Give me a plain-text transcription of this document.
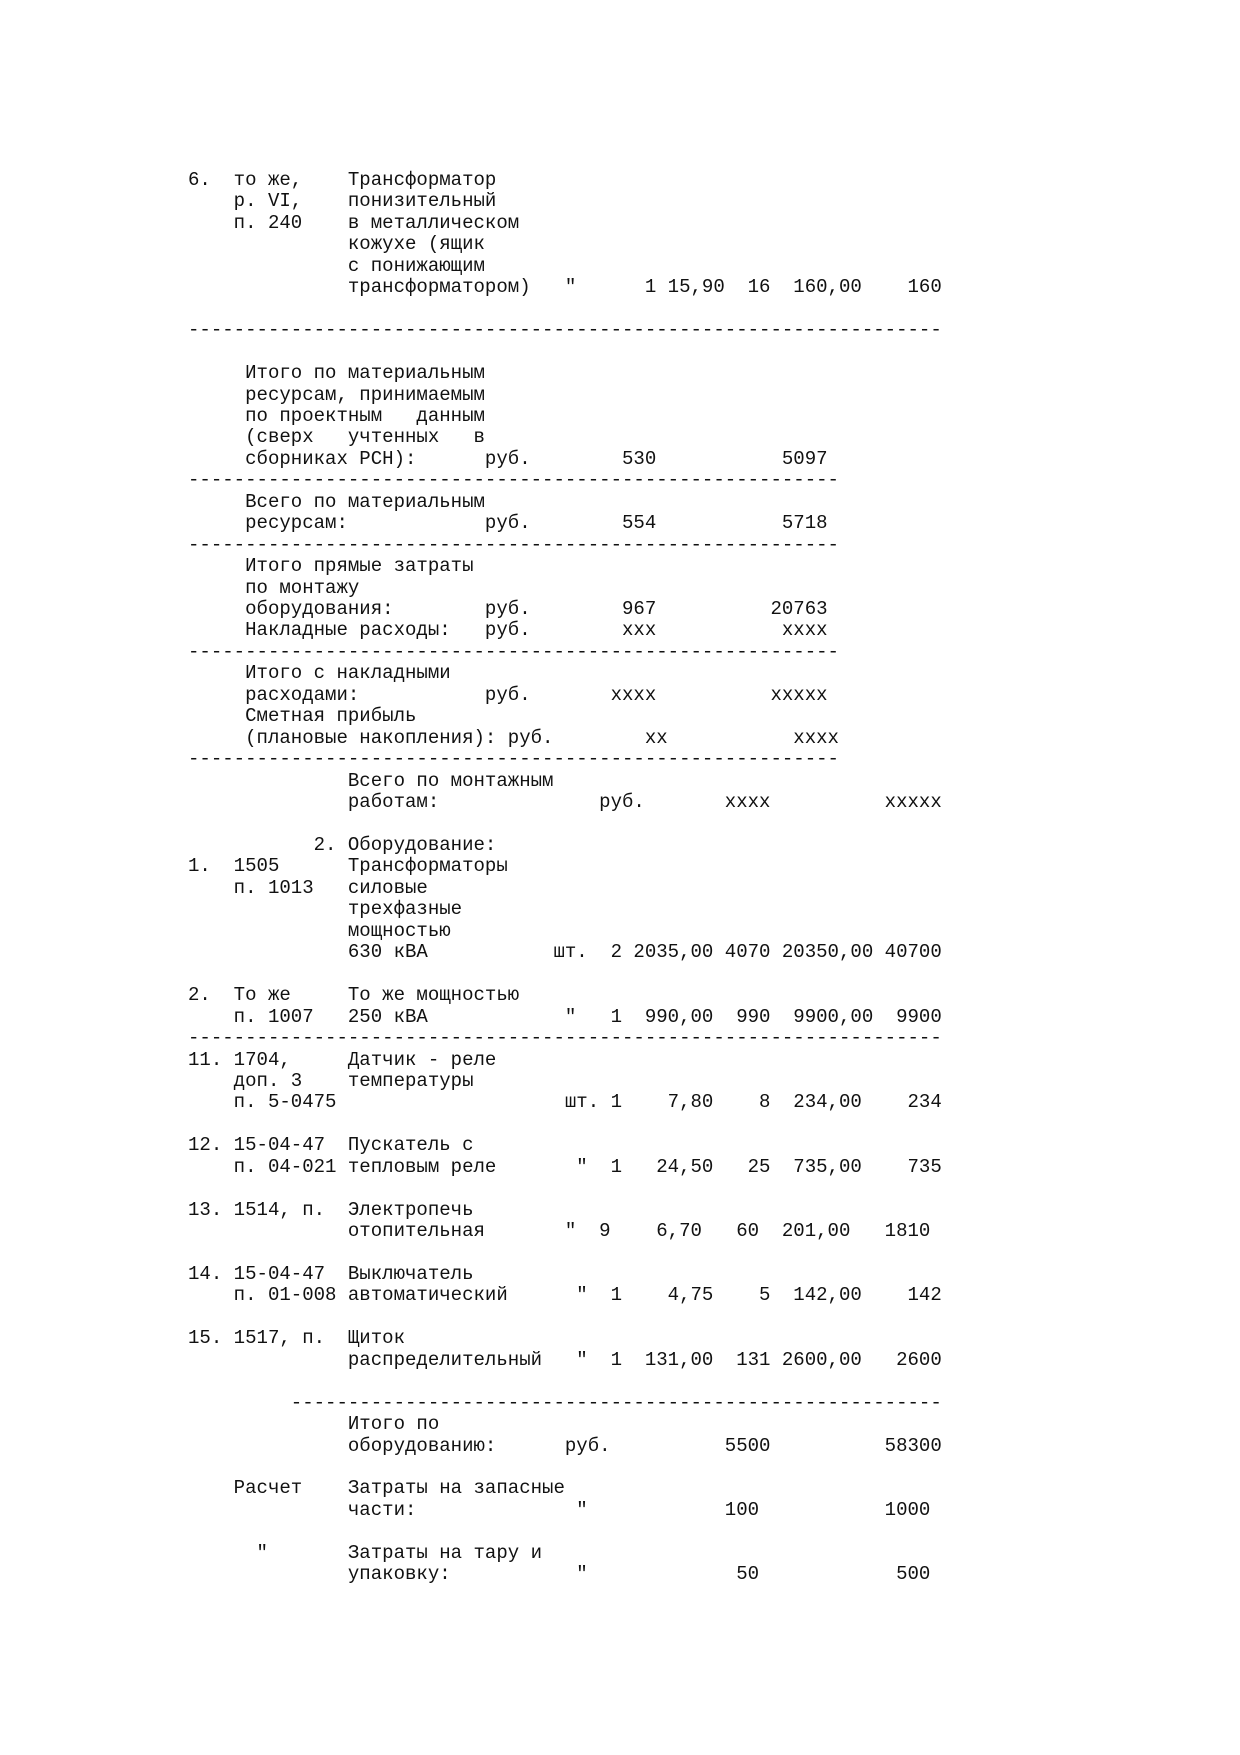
6.  то же,    Трансформатор
р. VI,    понизительный
п. 240    в металлическом
кожухе (ящик
с понижающим
трансформатором)   "      1 15,90  16  160,00    160
------------------------------------------------------------------
Итого по материальным
ресурсам, принимаемым
по проектным   данным
(сверх   учтенных   в
сборниках РСН):      руб.        530           5097
---------------------------------------------------------
Всего по материальным
ресурсам:            руб.        554           5718
---------------------------------------------------------
Итого прямые затраты
по монтажу
оборудования:        руб.        967          20763
Накладные расходы:   руб.        ххх           хххх
---------------------------------------------------------
Итого с накладными
расходами:           руб.       хххх          ххххх
Сметная прибыль
(плановые накопления): руб.        хх           хххх
---------------------------------------------------------
Всего по монтажным
работам:              руб.       хххх          ххххх
2. Оборудование:
1.  1505      Трансформаторы
п. 1013   силовые
трехфазные
мощностью
630 кВА           шт.  2 2035,00 4070 20350,00 40700
2.  То же     То же мощностью
п. 1007   250 кВА            "   1  990,00  990  9900,00  9900
------------------------------------------------------------------
11. 1704,     Датчик - реле
доп. 3    температуры
п. 5-0475                    шт. 1    7,80    8  234,00    234
12. 15-04-47  Пускатель с
п. 04-021 тепловым реле       "  1   24,50   25  735,00    735
13. 1514, п.  Электропечь
отопительная       "  9    6,70   60  201,00   1810
14. 15-04-47  Выключатель
п. 01-008 автоматический      "  1    4,75    5  142,00    142
15. 1517, п.  Щиток
распределительный   "  1  131,00  131 2600,00   2600
---------------------------------------------------------
Итого по
оборудованию:      руб.          5500          58300
Расчет    Затраты на запасные
части:              "            100           1000
"       Затраты на тару и
упаковку:           "             50            500
